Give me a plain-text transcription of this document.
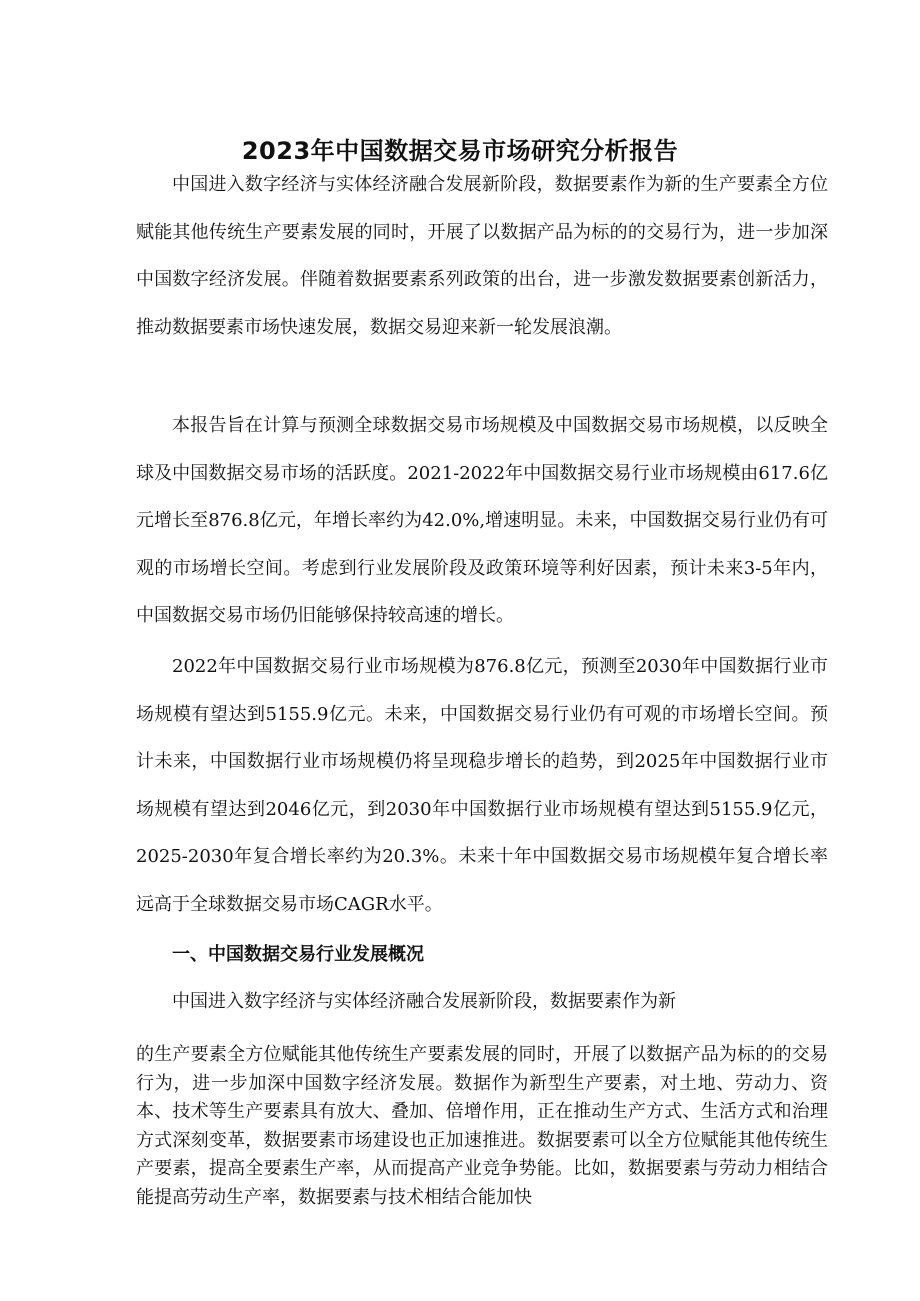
2023年中国数据交易市场研究分析报告

中国进入数字经济与实体经济融合发展新阶段，数据要素作为新的生产要素全方位赋能其他传统生产要素发展的同时，开展了以数据产品为标的的交易行为，进一步加深中国数字经济发展。伴随着数据要素系列政策的出台，进一步激发数据要素创新活力，推动数据要素市场快速发展，数据交易迎来新一轮发展浪潮。

本报告旨在计算与预测全球数据交易市场规模及中国数据交易市场规模，以反映全球及中国数据交易市场的活跃度。2021-2022年中国数据交易行业市场规模由617.6亿元增长至876.8亿元，年增长率约为42.0%,增速明显。未来，中国数据交易行业仍有可观的市场增长空间。考虑到行业发展阶段及政策环境等利好因素，预计未来3-5年内，中国数据交易市场仍旧能够保持较高速的增长。

2022年中国数据交易行业市场规模为876.8亿元，预测至2030年中国数据行业市场规模有望达到5155.9亿元。未来，中国数据交易行业仍有可观的市场增长空间。预计未来，中国数据行业市场规模仍将呈现稳步增长的趋势，到2025年中国数据行业市场规模有望达到2046亿元，到2030年中国数据行业市场规模有望达到5155.9亿元，2025-2030年复合增长率约为20.3%。未来十年中国数据交易市场规模年复合增长率远高于全球数据交易市场CAGR水平。

一、中国数据交易行业发展概况

中国进入数字经济与实体经济融合发展新阶段，数据要素作为新

的生产要素全方位赋能其他传统生产要素发展的同时，开展了以数据产品为标的的交易行为，进一步加深中国数字经济发展。数据作为新型生产要素，对土地、劳动力、资本、技术等生产要素具有放大、叠加、倍增作用，正在推动生产方式、生活方式和治理方式深刻变革，数据要素市场建设也正加速推进。数据要素可以全方位赋能其他传统生产要素，提高全要素生产率，从而提高产业竞争势能。比如，数据要素与劳动力相结合能提高劳动生产率，数据要素与技术相结合能加快
